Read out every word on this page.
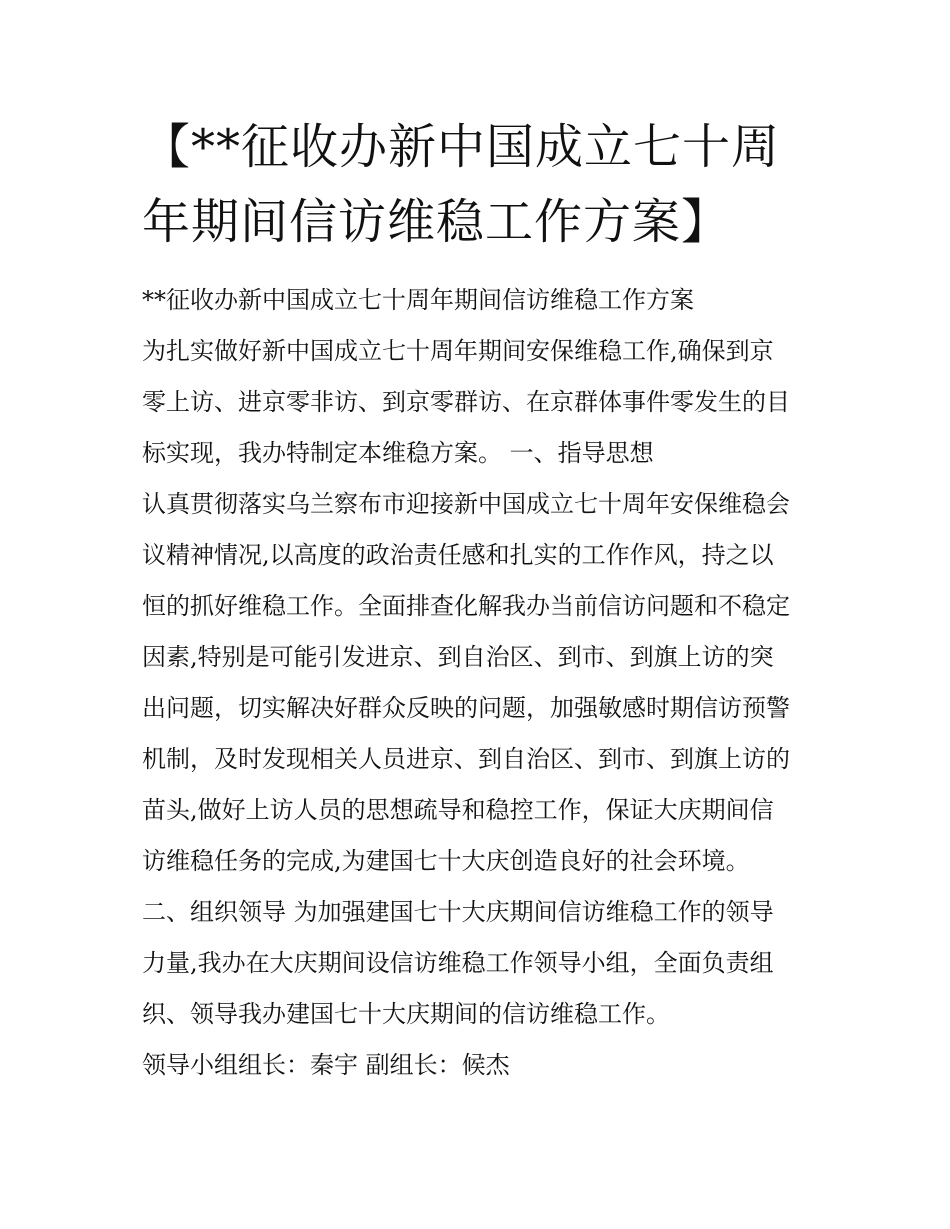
【**征收办新中国成立七十周
年期间信访维稳工作方案】
**征收办新中国成立七十周年期间信访维稳工作方案
为扎实做好新中国成立七十周年期间安保维稳工作,确保到京
零上访、进京零非访、到京零群访、在京群体事件零发生的目
标实现，我办特制定本维稳方案。 一、指导思想
认真贯彻落实乌兰察布市迎接新中国成立七十周年安保维稳会
议精神情况,以高度的政治责任感和扎实的工作作风，持之以
恒的抓好维稳工作。全面排查化解我办当前信访问题和不稳定
因素,特别是可能引发进京、到自治区、到市、到旗上访的突
出问题，切实解决好群众反映的问题，加强敏感时期信访预警
机制，及时发现相关人员进京、到自治区、到市、到旗上访的
苗头,做好上访人员的思想疏导和稳控工作，保证大庆期间信
访维稳任务的完成,为建国七十大庆创造良好的社会环境。
二、组织领导 为加强建国七十大庆期间信访维稳工作的领导
力量,我办在大庆期间设信访维稳工作领导小组，全面负责组
织、领导我办建国七十大庆期间的信访维稳工作。
领导小组组长：秦宇 副组长：候杰
